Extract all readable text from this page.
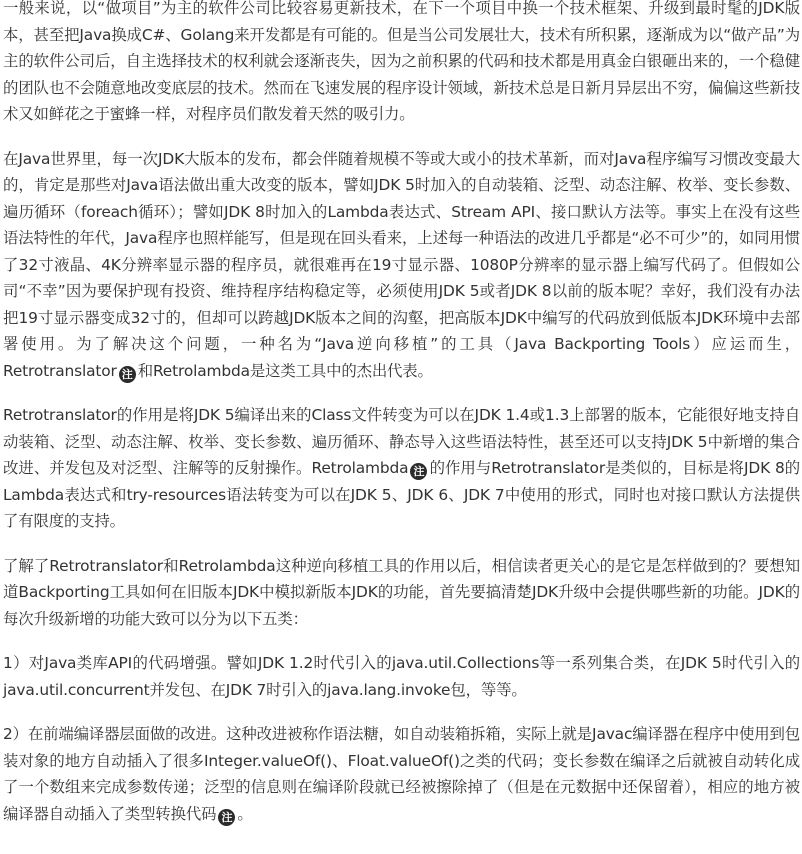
一般来说，以“做项目”为主的软件公司比较容易更新技术，在下一个项目中换一个技术框架、升级到最时髦的JDK版本，甚至把Java换成C#、Golang来开发都是有可能的。但是当公司发展壮大，技术有所积累，逐渐成为以“做产品”为主的软件公司后，自主选择技术的权利就会逐渐丧失，因为之前积累的代码和技术都是用真金白银砸出来的，一个稳健的团队也不会随意地改变底层的技术。然而在飞速发展的程序设计领域，新技术总是日新月异层出不穷，偏偏这些新技术又如鲜花之于蜜蜂一样，对程序员们散发着天然的吸引力。

在Java世界里，每一次JDK大版本的发布，都会伴随着规模不等或大或小的技术革新，而对Java程序编写习惯改变最大的，肯定是那些对Java语法做出重大改变的版本，譬如JDK 5时加入的自动装箱、泛型、动态注解、枚举、变长参数、遍历循环（foreach循环）；譬如JDK 8时加入的Lambda表达式、Stream API、接口默认方法等。事实上在没有这些语法特性的年代，Java程序也照样能写，但是现在回头看来，上述每一种语法的改进几乎都是“必不可少”的，如同用惯了32寸液晶、4K分辨率显示器的程序员，就很难再在19寸显示器、1080P分辨率的显示器上编写代码了。但假如公司“不幸”因为要保护现有投资、维持程序结构稳定等，必须使用JDK 5或者JDK 8以前的版本呢？幸好，我们没有办法把19寸显示器变成32寸的，但却可以跨越JDK版本之间的沟壑，把高版本JDK中编写的代码放到低版本JDK环境中去部署使用。为了解决这个问题，一种名为“Java逆向移植”的工具（Java Backporting Tools）应运而生，Retrotranslator 注 和Retrolambda是这类工具中的杰出代表。

Retrotranslator的作用是将JDK 5编译出来的Class文件转变为可以在JDK 1.4或1.3上部署的版本，它能很好地支持自动装箱、泛型、动态注解、枚举、变长参数、遍历循环、静态导入这些语法特性，甚至还可以支持JDK 5中新增的集合改进、并发包及对泛型、注解等的反射操作。Retrolambda 注 的作用与Retrotranslator是类似的，目标是将JDK 8的Lambda表达式和try-resources语法转变为可以在JDK 5、JDK 6、JDK 7中使用的形式，同时也对接口默认方法提供了有限度的支持。

了解了Retrotranslator和Retrolambda这种逆向移植工具的作用以后，相信读者更关心的是它是怎样做到的？要想知道Backporting工具如何在旧版本JDK中模拟新版本JDK的功能，首先要搞清楚JDK升级中会提供哪些新的功能。JDK的每次升级新增的功能大致可以分为以下五类：

1）对Java类库API的代码增强。譬如JDK 1.2时代引入的java.util.Collections等一系列集合类，在JDK 5时代引入的java.util.concurrent并发包、在JDK 7时引入的java.lang.invoke包，等等。

2）在前端编译器层面做的改进。这种改进被称作语法糖，如自动装箱拆箱，实际上就是Javac编译器在程序中使用到包装对象的地方自动插入了很多Integer.valueOf()、Float.valueOf()之类的代码；变长参数在编译之后就被自动转化成了一个数组来完成参数传递；泛型的信息则在编译阶段就已经被擦除掉了（但是在元数据中还保留着），相应的地方被编译器自动插入了类型转换代码 注 。
